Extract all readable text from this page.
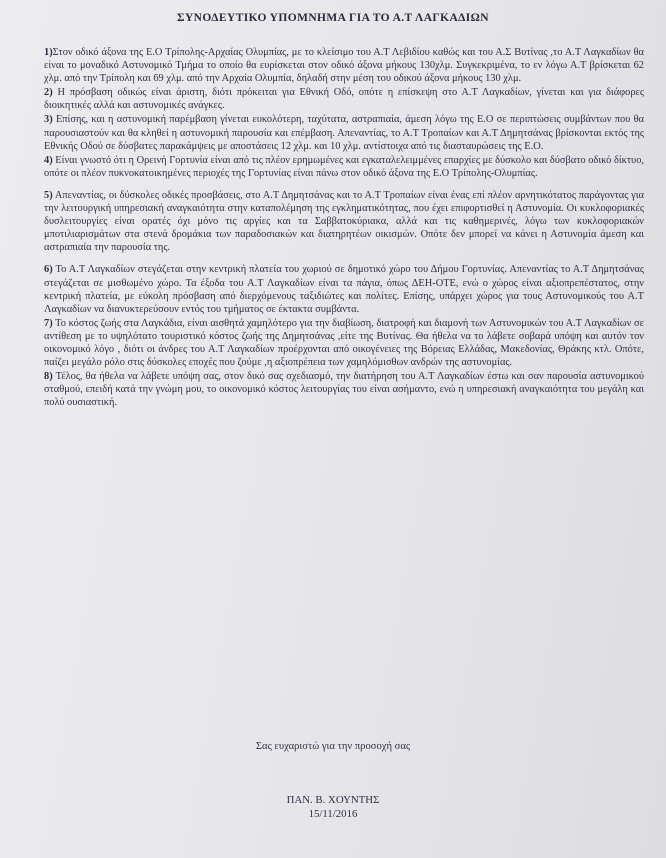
ΣΥΝΟΔΕΥΤΙΚΟ ΥΠΟΜΝΗΜΑ ΓΙΑ ΤΟ Α.Τ ΛΑΓΚΑΔΙΩΝ

1)Στον οδικό άξονα της Ε.Ο Τρίπολης-Αρχαίας Ολυμπίας, με το κλείσιμο του Α.Τ Λεβιδίου καθώς και του Α.Σ Βυτίνας ,το Α.Τ Λαγκαδίων θα είναι το μοναδικό Αστυνομικό Τμήμα το οποίο θα ευρίσκεται στον οδικό άξονα μήκους 130χλμ. Συγκεκριμένα, το εν λόγω Α.Τ βρίσκεται 62 χλμ. από την Τρίπολη και 69 χλμ. από την Αρχαία Ολυμπία, δηλαδή στην μέση του οδικού άξονα μήκους 130 χλμ.

2) Η πρόσβαση οδικώς είναι άριστη, διότι πρόκειται για Εθνική Οδό, οπότε η επίσκεψη στο Α.Τ Λαγκαδίων, γίνεται και για διάφορες διοικητικές αλλά και αστυνομικές ανάγκες.

3) Επίσης, και η αστυνομική παρέμβαση γίνεται ευκολότερη, ταχύτατα, αστραπιαία, άμεση λόγω της Ε.Ο σε περιπτώσεις συμβάντων που θα παρουσιαστούν και θα κληθεί η αστυνομική παρουσία και επέμβαση. Απεναντίας, το Α.Τ Τροπαίων και Α.Τ Δημητσάνας βρίσκονται εκτός της Εθνικής Οδού σε δύσβατες παρακάμψεις με αποστάσεις 12 χλμ. και 10 χλμ. αντίστοιχα από τις διασταυρώσεις της Ε.Ο.

4) Είναι γνωστό ότι η Ορεινή Γορτυνία είναι από τις πλέον ερημωμένες και εγκαταλελειμμένες επαρχίες με δύσκολο και δύσβατο οδικό δίκτυο, οπότε οι πλέον πυκνοκατοικημένες περιοχές της Γορτυνίας είναι πάνω στον οδικό άξονα της Ε.Ο Τρίπολης-Ολυμπίας.

5) Απεναντίας, οι δύσκολες οδικές προσβάσεις, στο Α.Τ Δημητσάνας και το Α.Τ Τροπαίων είναι ένας επί πλέον αρνητικότατος παράγοντας για την λειτουργική υπηρεσιακή αναγκαιότητα στην καταπολέμηση της εγκληματικότητας, που έχει επιφορτισθεί η Αστυνομία. Οι κυκλοφοριακές δυσλειτουργίες είναι ορατές όχι μόνο τις αργίες και τα Σαββατοκύριακα, αλλά και τις καθημερινές, λόγω των κυκλοφοριακών μποτιλιαρισμάτων στα στενά δρομάκια των παραδοσιακών και διατηρητέων οικισμών. Οπότε δεν μπορεί να κάνει η Αστυνομία άμεση και αστραπιαία την παρουσία της.

6) Το Α.Τ Λαγκαδίων στεγάζεται στην κεντρική πλατεία του χωριού σε δημοτικό χώρο του Δήμου Γορτυνίας. Απεναντίας το Α.Τ Δημητσάνας στεγάζεται σε μισθωμένο χώρο. Τα έξοδα του Α.Τ Λαγκαδίων είναι τα πάγια, όπως ΔΕΗ-ΟΤΕ, ενώ ο χώρος είναι αξιοπρεπέστατος, στην κεντρική πλατεία, με εύκολη πρόσβαση από διερχόμενους ταξιδιώτες και πολίτες. Επίσης, υπάρχει χώρος για τους Αστυνομικούς του Α.Τ Λαγκαδίων να διανυκτερεύσουν εντός του τμήματος σε έκτακτα συμβάντα.

7) Το κόστος ζωής στα Λαγκάδια, είναι αισθητά χαμηλότερο για την διαβίωση, διατροφή και διαμονή των Αστυνομικών του Α.Τ Λαγκαδίων σε αντίθεση με το υψηλότατο τουριστικό κόστος ζωής της Δημητσάνας ,είτε της Βυτίνας. Θα ήθελα να το λάβετε σοβαρά υπόψη και αυτόν τον οικονομικό λόγο , διότι οι άνδρες του Α.Τ Λαγκαδίων προέρχονται από οικογένειες της Βόρειας Ελλάδας, Μακεδονίας, Θράκης κτλ. Οπότε, παίζει μεγάλο ρόλο στις δύσκολες εποχές που ζούμε ,η αξιοπρέπεια των χαμηλόμισθων ανδρών της αστυνομίας.

8) Τέλος, θα ήθελα να λάβετε υπόψη σας, στον δικό σας σχεδιασμό, την διατήρηση του Α.Τ Λαγκαδίων έστω και σαν παρουσία αστυνομικού σταθμού, επειδή κατά την γνώμη μου, το οικονομικό κόστος λειτουργίας του είναι ασήμαντο, ενώ η υπηρεσιακή αναγκαιότητα του μεγάλη και πολύ ουσιαστική.

Σας ευχαριστώ για την προσοχή σας
ΠΑΝ. Β. ΧΟΥΝΤΗΣ
15/11/2016
